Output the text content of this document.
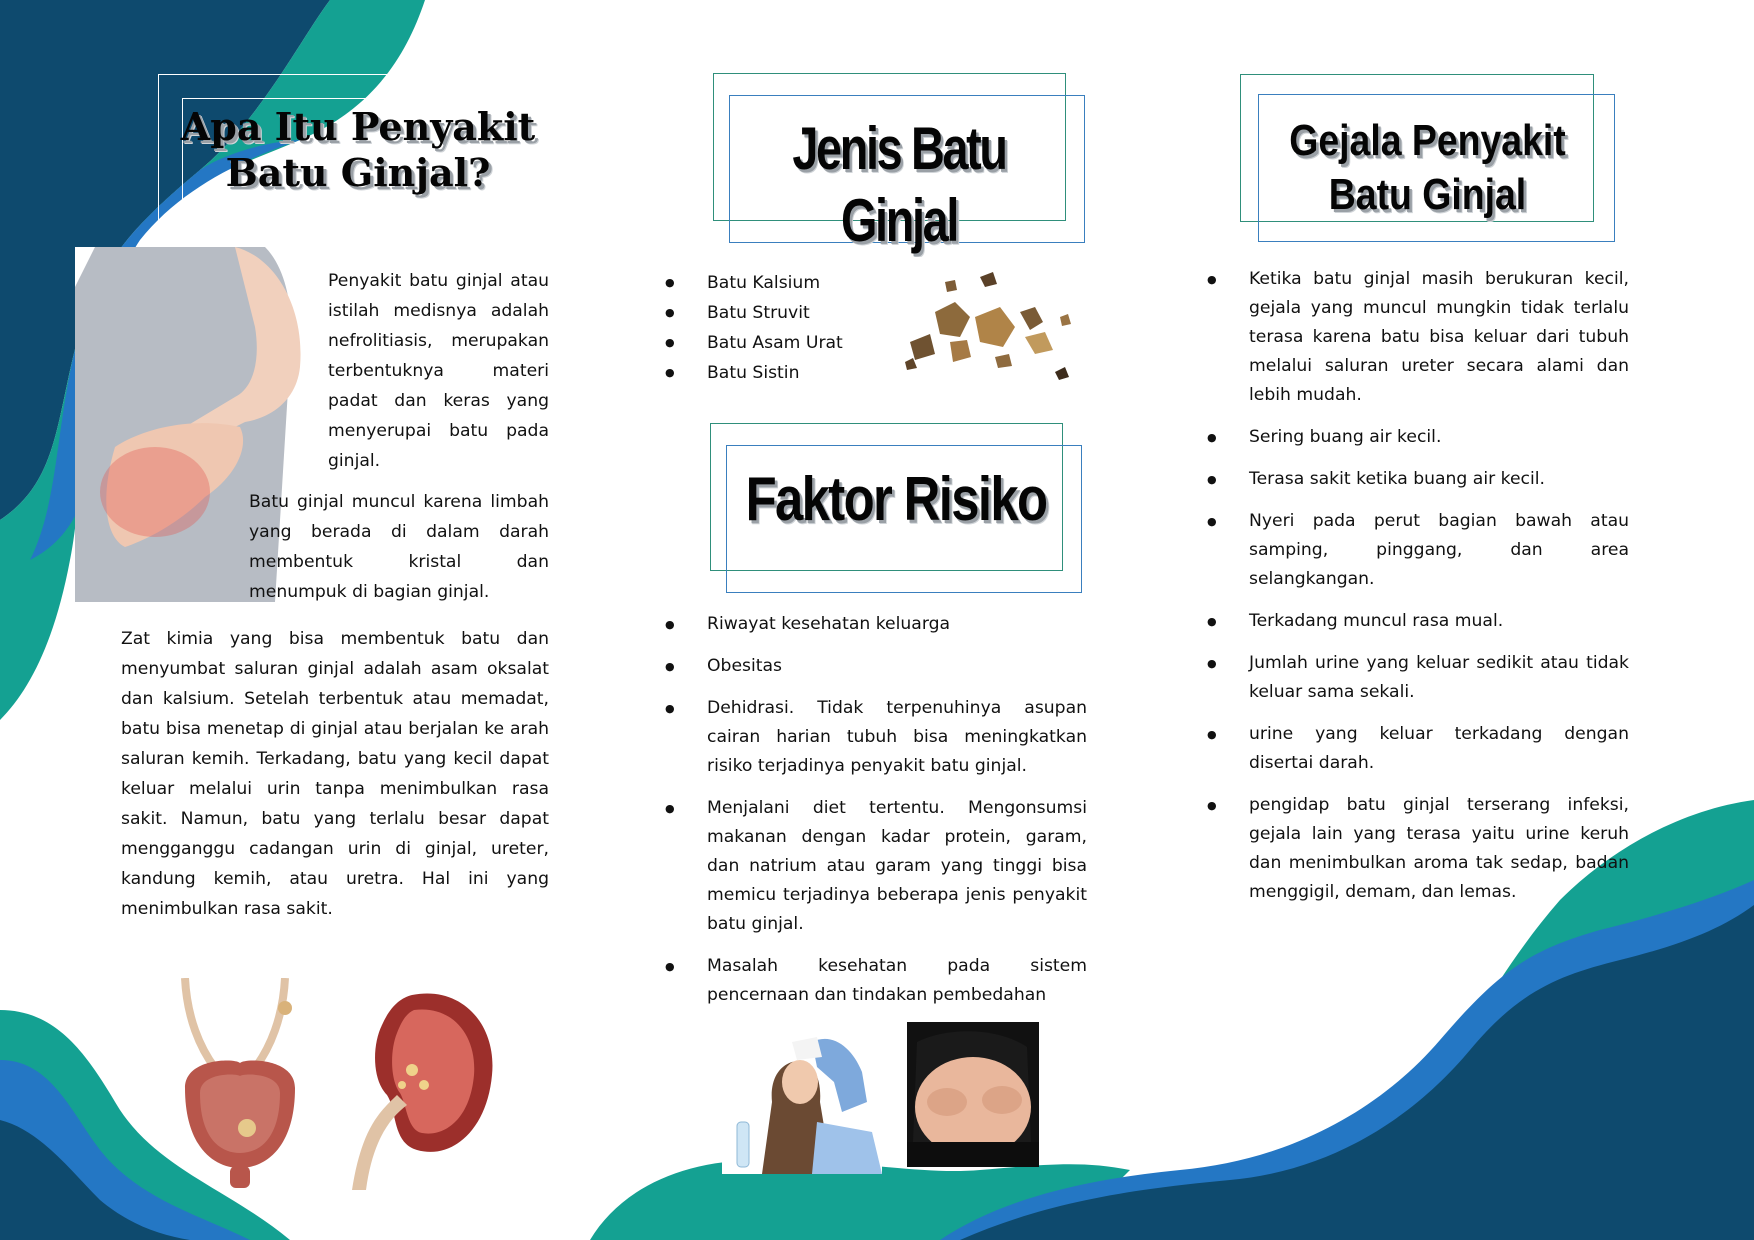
Apa Itu Penyakit
Batu Ginjal?

Penyakit batu ginjal atau istilah medisnya adalah nefrolitiasis, merupakan terbentuknya materi padat dan keras yang menyerupai batu pada ginjal.

Batu ginjal muncul karena limbah yang berada di dalam darah membentuk kristal dan menumpuk di bagian ginjal.

Zat kimia yang bisa membentuk batu dan menyumbat saluran ginjal adalah asam oksalat dan kalsium. Setelah terbentuk atau memadat, batu bisa menetap di ginjal atau berjalan ke arah saluran kemih. Terkadang, batu yang kecil dapat keluar melalui urin tanpa menimbulkan rasa sakit. Namun, batu yang terlalu besar dapat mengganggu cadangan urin di ginjal, ureter, kandung kemih, atau uretra. Hal ini yang menimbulkan rasa sakit.

Jenis Batu Ginjal
● Batu Kalsium
● Batu Struvit
● Batu Asam Urat
● Batu Sistin
Faktor Risiko
● Riwayat kesehatan keluarga
● Obesitas
● Dehidrasi. Tidak terpenuhinya asupan cairan harian tubuh bisa meningkatkan risiko terjadinya penyakit batu ginjal.
● Menjalani diet tertentu. Mengonsumsi makanan dengan kadar protein, garam, dan natrium atau garam yang tinggi bisa memicu terjadinya beberapa jenis penyakit batu ginjal.
● Masalah kesehatan pada sistem pencernaan dan tindakan pembedahan
Gejala Penyakit
Batu Ginjal
● Ketika batu ginjal masih berukuran kecil, gejala yang muncul mungkin tidak terlalu terasa karena batu bisa keluar dari tubuh melalui saluran ureter secara alami dan lebih mudah.
● Sering buang air kecil.
● Terasa sakit ketika buang air kecil.
● Nyeri pada perut bagian bawah atau samping, pinggang, dan area selangkangan.
● Terkadang muncul rasa mual.
● Jumlah urine yang keluar sedikit atau tidak keluar sama sekali.
● urine yang keluar terkadang dengan disertai darah.
● pengidap batu ginjal terserang infeksi, gejala lain yang terasa yaitu urine keruh dan menimbulkan aroma tak sedap, badan menggigil, demam, dan lemas.
